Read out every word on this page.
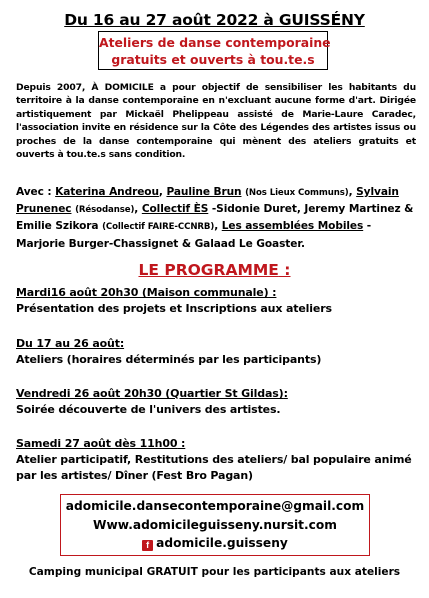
Du 16 au 27 août 2022 à GUISSÉNY
Ateliers de danse contemporaine
gratuits et ouverts à tou.te.s

Depuis 2007, À DOMICILE a pour objectif de sensibiliser les habitants du territoire à la danse contemporaine en n'excluant aucune forme d'art. Dirigée artistiquement par Mickaël Phelippeau assisté de Marie-Laure Caradec, l'association invite en résidence sur la Côte des Légendes des artistes issus ou proches de la danse contemporaine qui mènent des ateliers gratuits et ouverts à tou.te.s sans condition.

Avec : Katerina Andreou, Pauline Brun (Nos Lieux Communs), Sylvain Prunenec (Résodanse), Collectif ÈS -Sidonie Duret, Jeremy Martinez & Emilie Szikora (Collectif FAIRE-CCNRB), Les assemblées Mobiles - Marjorie Burger-Chassignet & Galaad Le Goaster.
LE PROGRAMME :
Mardi16 août 20h30 (Maison communale) :
Présentation des projets et Inscriptions aux ateliers
Du 17 au 26 août:
Ateliers (horaires déterminés par les participants)
Vendredi 26 août 20h30 (Quartier St Gildas):
Soirée découverte de l'univers des artistes.
Samedi 27 août dès 11h00 :
Atelier participatif, Restitutions des ateliers/ bal populaire animé par les artistes/ Dîner (Fest Bro Pagan)
adomicile.dansecontemporaine@gmail.com
Www.adomicileguisseny.nursit.com
f adomicile.guisseny
Camping municipal GRATUIT pour les participants aux ateliers
